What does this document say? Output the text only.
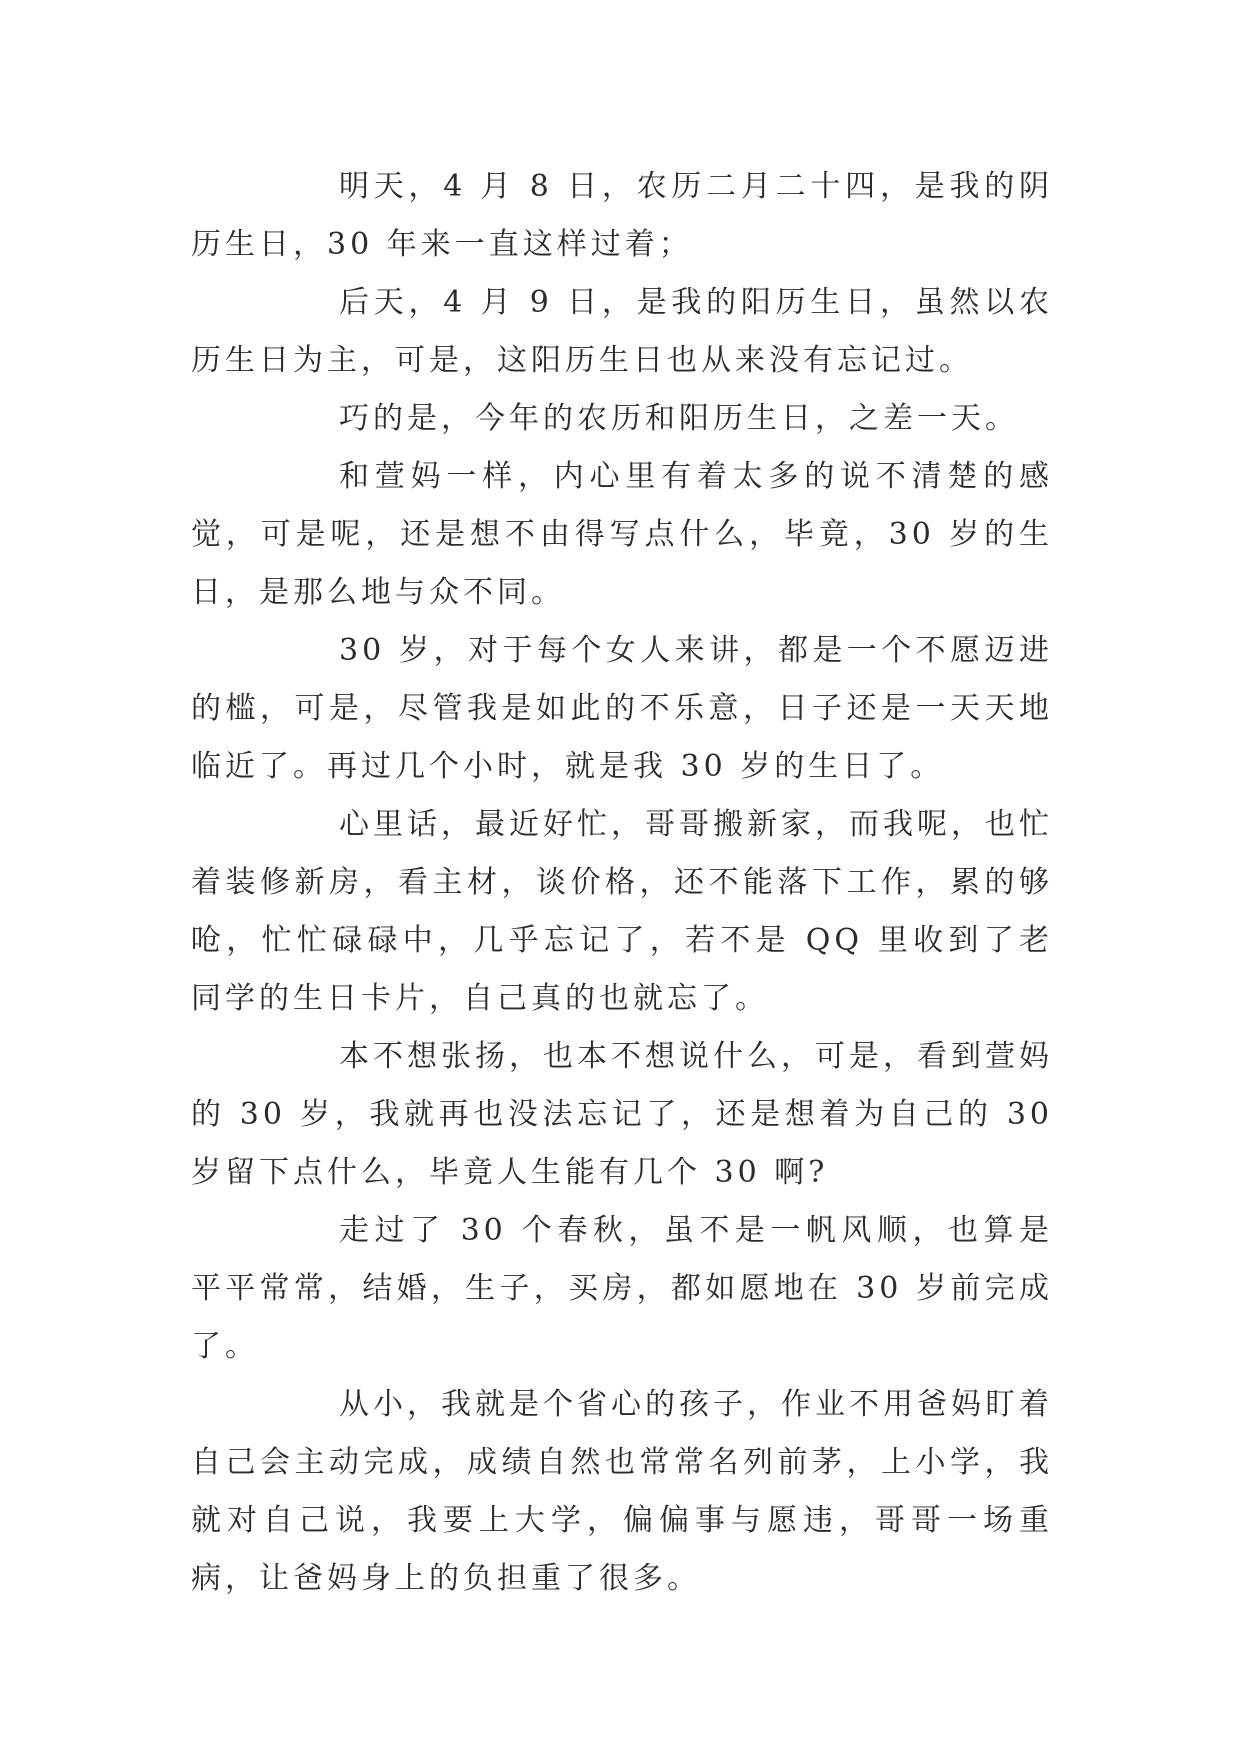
明天，4 月 8 日，农历二月二十四，是我的阴历生日，30 年来一直这样过着；

后天，4 月 9 日，是我的阳历生日，虽然以农历生日为主，可是，这阳历生日也从来没有忘记过。

巧的是，今年的农历和阳历生日，之差一天。

和萱妈一样，内心里有着太多的说不清楚的感觉，可是呢，还是想不由得写点什么，毕竟，30 岁的生日，是那么地与众不同。

30 岁，对于每个女人来讲，都是一个不愿迈进的槛，可是，尽管我是如此的不乐意，日子还是一天天地临近了。再过几个小时，就是我 30 岁的生日了。

心里话，最近好忙，哥哥搬新家，而我呢，也忙着装修新房，看主材，谈价格，还不能落下工作，累的够呛，忙忙碌碌中，几乎忘记了，若不是 QQ 里收到了老同学的生日卡片，自己真的也就忘了。

本不想张扬，也本不想说什么，可是，看到萱妈的 30 岁，我就再也没法忘记了，还是想着为自己的 30 岁留下点什么，毕竟人生能有几个 30 啊?

走过了 30 个春秋，虽不是一帆风顺，也算是平平常常，结婚，生子，买房，都如愿地在 30 岁前完成了。

从小，我就是个省心的孩子，作业不用爸妈盯着自己会主动完成，成绩自然也常常名列前茅，上小学，我就对自己说，我要上大学，偏偏事与愿违，哥哥一场重病，让爸妈身上的负担重了很多。
